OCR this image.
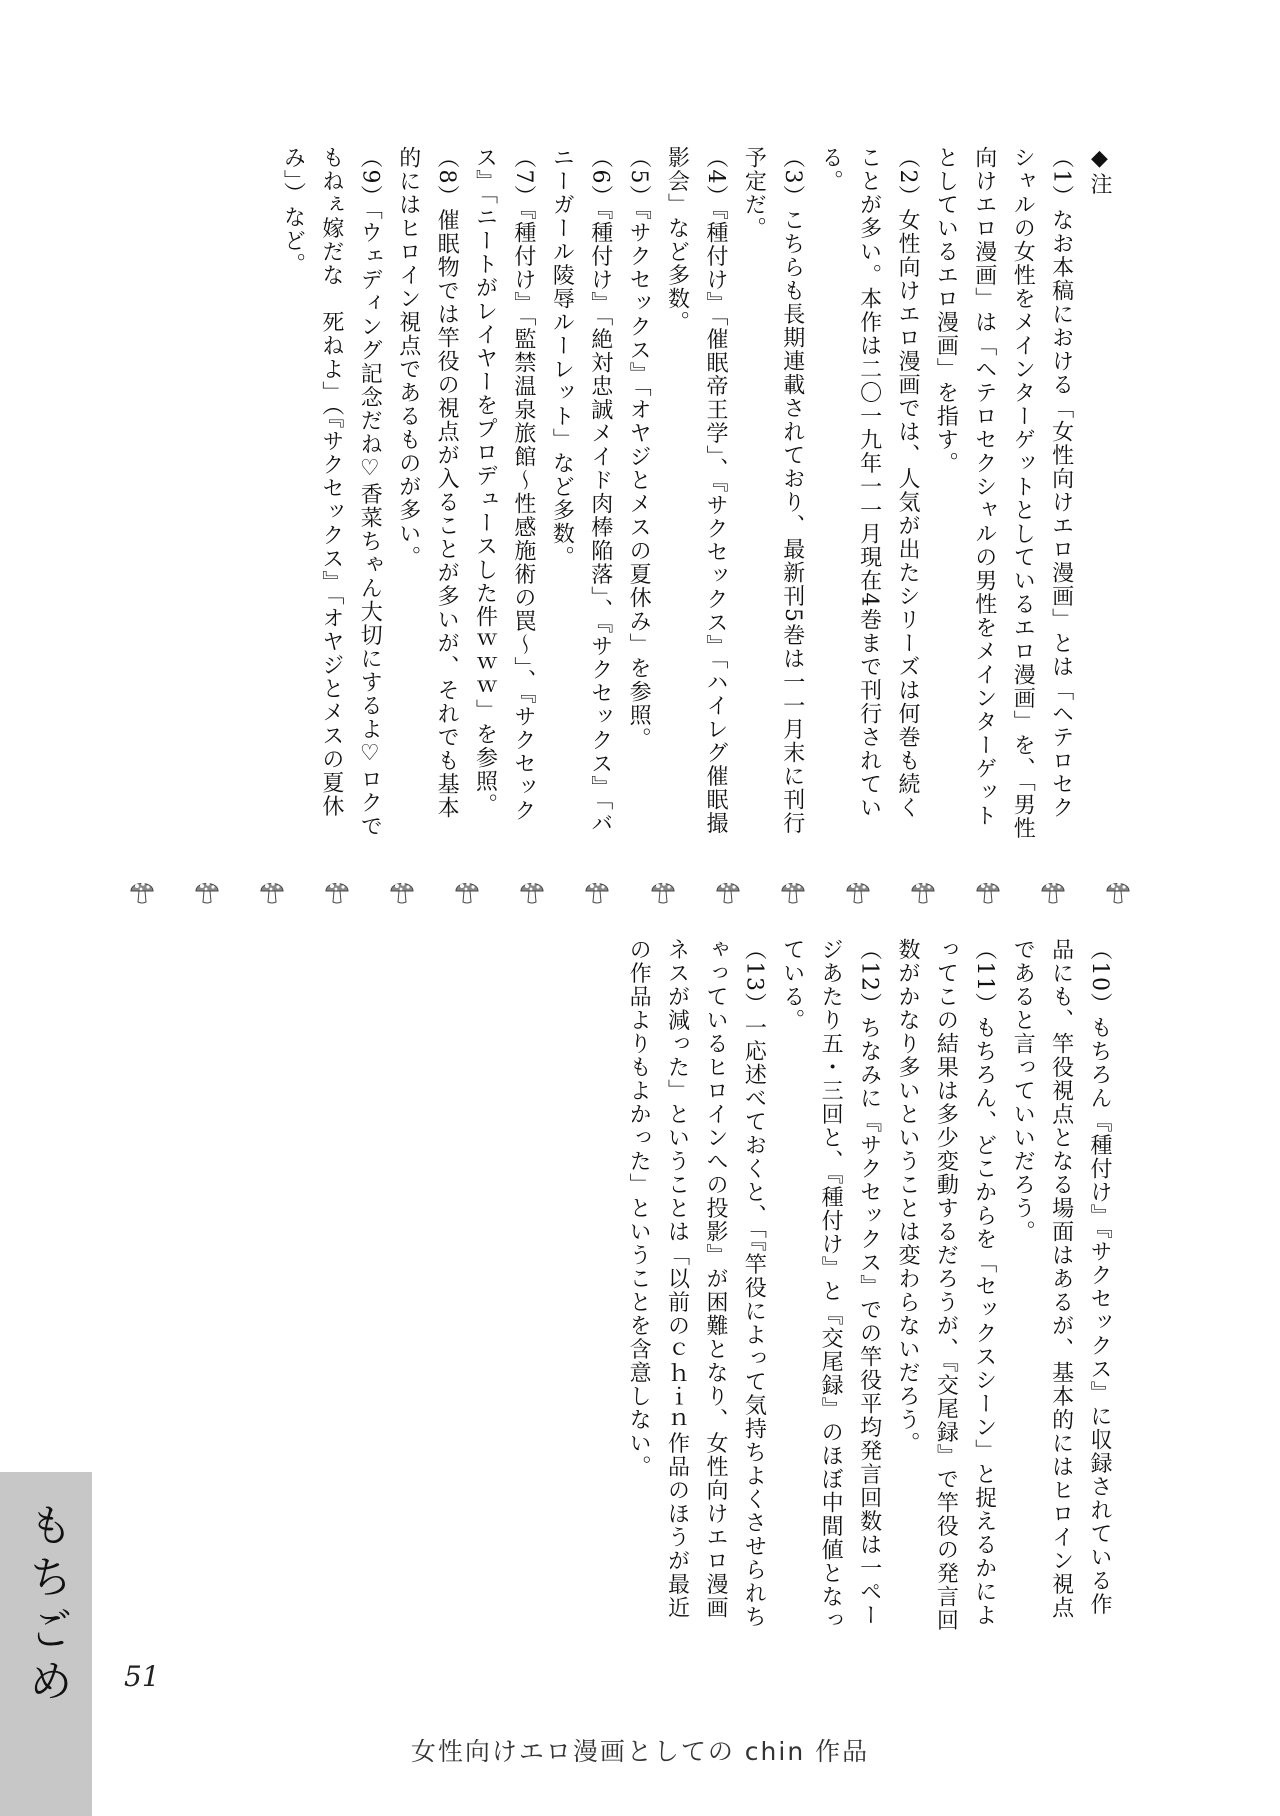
◆注

（1）なお本稿における「女性向けエロ漫画」とは「ヘテロセクシャルの女性をメインターゲットとしているエロ漫画」を、「男性向けエロ漫画」は「ヘテロセクシャルの男性をメインターゲットとしているエロ漫画」を指す。

（2）女性向けエロ漫画では、人気が出たシリーズは何巻も続くことが多い。本作は二〇一九年一一月現在4巻まで刊行されている。

（3）こちらも長期連載されており、最新刊5巻は一一月末に刊行予定だ。

（4）『種付け』「催眠帝王学」、『サクセックス』「ハイレグ催眠撮影会」など多数。

（5）『サクセックス』「オヤジとメスの夏休み」を参照。

（6）『種付け』「絶対忠誠メイド肉棒陥落」、『サクセックス』「バニーガール陵辱ルーレット」など多数。

（7）『種付け』「監禁温泉旅館～性感施術の罠～」、『サクセックス』「ニートがレイヤーをプロデュースした件ｗｗｗ」を参照。

（8）催眠物では竿役の視点が入ることが多いが、それでも基本的にはヒロイン視点であるものが多い。

（9）「ウェディング記念だね♡香菜ちゃん大切にするよ♡ロクでもねぇ嫁だな　死ねよ」（『サクセックス』「オヤジとメスの夏休み」）など。

（10）もちろん『種付け』『サクセックス』に収録されている作品にも、竿役視点となる場面はあるが、基本的にはヒロイン視点であると言っていいだろう。

（11）もちろん、どこからを「セックスシーン」と捉えるかによってこの結果は多少変動するだろうが、『交尾録』で竿役の発言回数がかなり多いということは変わらないだろう。

（12）ちなみに『サクセックス』での竿役平均発言回数は一ページあたり五・三回と、『種付け』と『交尾録』のほぼ中間値となっている。

（13）一応述べておくと、「『竿役によって気持ちよくさせられちゃっているヒロインへの投影』が困難となり、女性向けエロ漫画ネスが減った」ということは「以前のｃｈｉｎ作品のほうが最近の作品よりもよかった」ということを含意しない。

もちごめ 51
女性向けエロ漫画としての chin 作品
